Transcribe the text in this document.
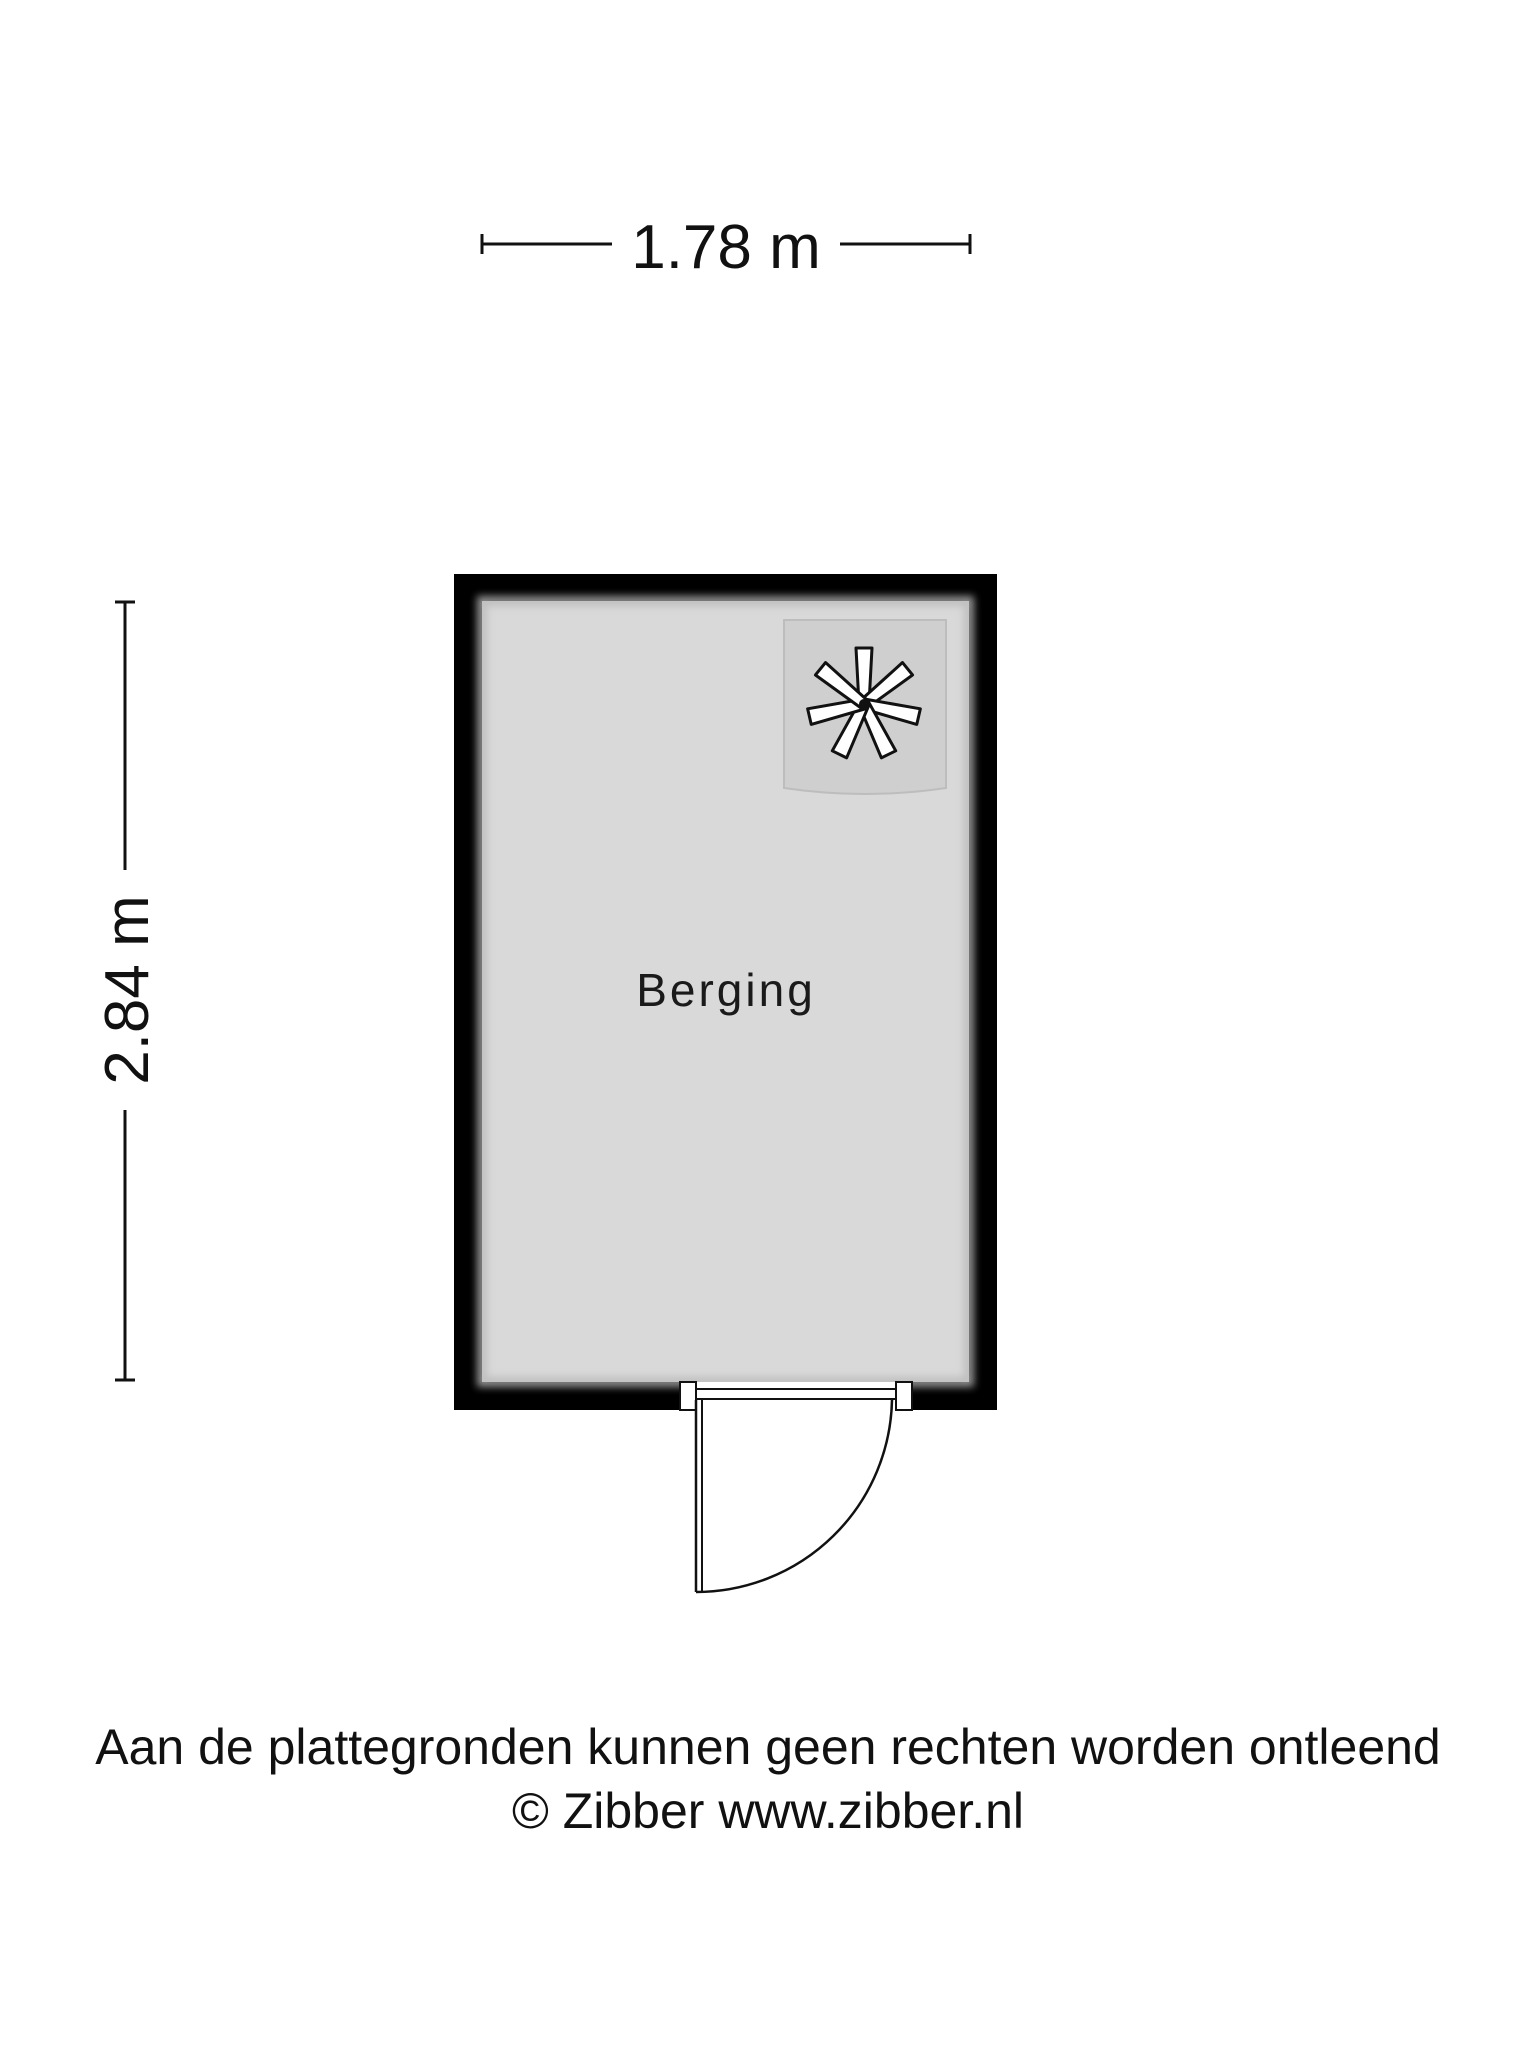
1.78 m
2.84 m	Berging
Aan de plattegronden kunnen geen rechten worden ontleend
© Zibber www.zibber.nl
